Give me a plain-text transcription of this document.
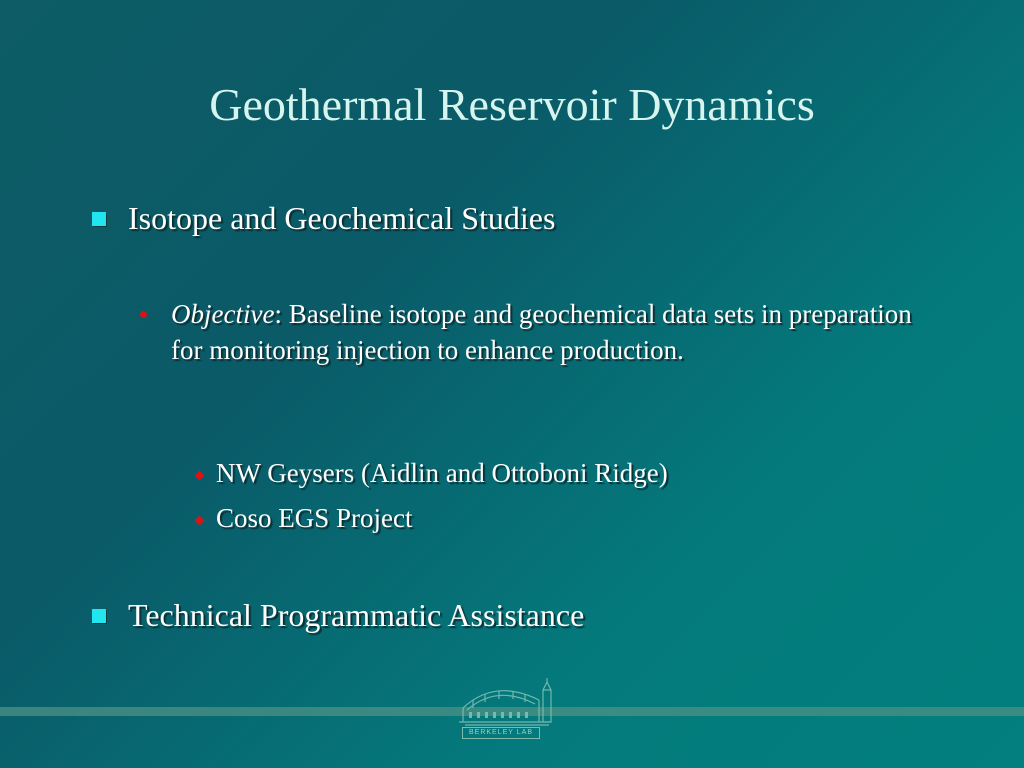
Geothermal Reservoir Dynamics
Isotope and Geochemical Studies
Objective: Baseline isotope and geochemical data sets in preparation for monitoring injection to enhance production.
NW Geysers (Aidlin and Ottoboni Ridge)
Coso EGS Project
Technical Programmatic Assistance
BERKELEY LAB
